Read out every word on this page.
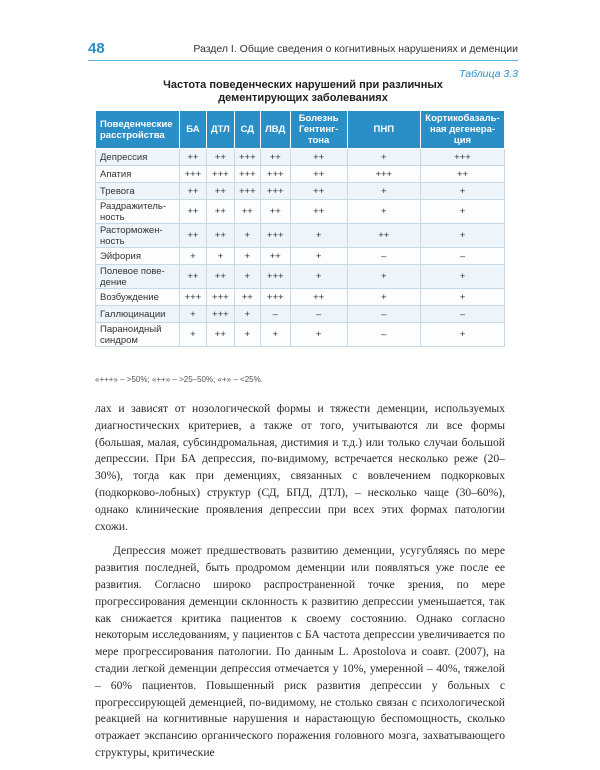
48	Раздел I. Общие сведения о когнитивных нарушениях и деменции
Таблица 3.3
Частота поведенческих нарушений при различных
дементирующих заболеваниях
Поведенческие расстройства	БА	ДТЛ	СД	ЛВД	Болезнь Гентинг-тона	ПНП	Кортикобазаль-ная дегенера-ция
Депрессия	++	++	+++	++	++	+	+++
Апатия	+++	+++	+++	+++	++	+++	++
Тревога	++	++	+++	+++	++	+	+
Раздражитель-ность	++	++	++	++	++	+	+
Расторможен-ность	++	++	+	+++	+	++	+
Эйфория	+	+	+	++	+	–	–
Полевое пове-дение	++	++	+	+++	+	+	+
Возбуждение	+++	+++	++	+++	++	+	+
Галлюцинации	+	+++	+	–	–	–	–
Параноидный синдром	+	++	+	+	+	–	+
«+++» – >50%; «++» – >25–50%; «+» – <25%.

лах и зависят от нозологической формы и тяжести деменции, используемых диагностических критериев, а также от того, учитываются ли все формы (большая, малая, субсиндромальная, дистимия и т.д.) или только случаи большой депрессии. При БА депрессия, по-видимому, встречается несколько реже (20–30%), тогда как при деменциях, связанных с вовлечением подкорковых (подкорково-лобных) структур (СД, БПД, ДТЛ), – несколько чаще (30–60%), однако клинические проявления депрессии при всех этих формах патологии схожи.

Депрессия может предшествовать развитию деменции, усугубляясь по мере развития последней, быть продромом деменции или появляться уже после ее развития. Согласно широко распространенной точке зрения, по мере прогрессирования деменции склонность к развитию депрессии уменьшается, так как снижается критика пациентов к своему состоянию. Однако согласно некоторым исследованиям, у пациентов с БА частота депрессии увеличивается по мере прогрессирования патологии. По данным L. Apostolova и соавт. (2007), на стадии легкой деменции депрессия отмечается у 10%, умеренной – 40%, тяжелой – 60% пациентов. Повышенный риск развития депрессии у больных с прогрессирующей деменцией, по-видимому, не столько связан с психологической реакцией на когнитивные нарушения и нарастающую беспомощность, сколько отражает экспансию органического поражения головного мозга, захватывающего структуры, критические
